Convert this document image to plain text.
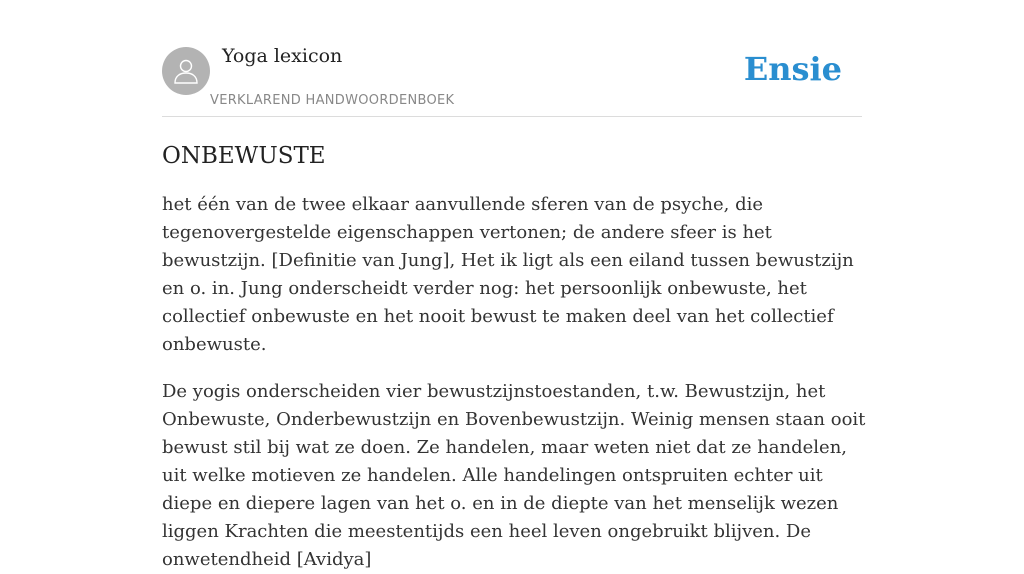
Yoga lexicon
VERKLAREND HANDWOORDENBOEK
Ensie
ONBEWUSTE

het één van de twee elkaar aanvullende sferen van de psyche, die tegenovergestelde eigenschappen vertonen; de andere sfeer is het bewustzijn. [Definitie van Jung], Het ik ligt als een eiland tussen bewustzijn en o. in. Jung onderscheidt verder nog: het persoonlijk onbewuste, het collectief onbewuste en het nooit bewust te maken deel van het collectief onbewuste.

De yogis onderscheiden vier bewustzijnstoestanden, t.w. Bewustzijn, het Onbewuste, Onderbewustzijn en Bovenbewustzijn. Weinig mensen staan ooit bewust stil bij wat ze doen. Ze handelen, maar weten niet dat ze handelen, uit welke motieven ze handelen. Alle handelingen ontspruiten echter uit diepe en diepere lagen van het o. en in de diepte van het menselijk wezen liggen Krachten die meestentijds een heel leven ongebruikt blijven. De onwetendheid [Avidya]
